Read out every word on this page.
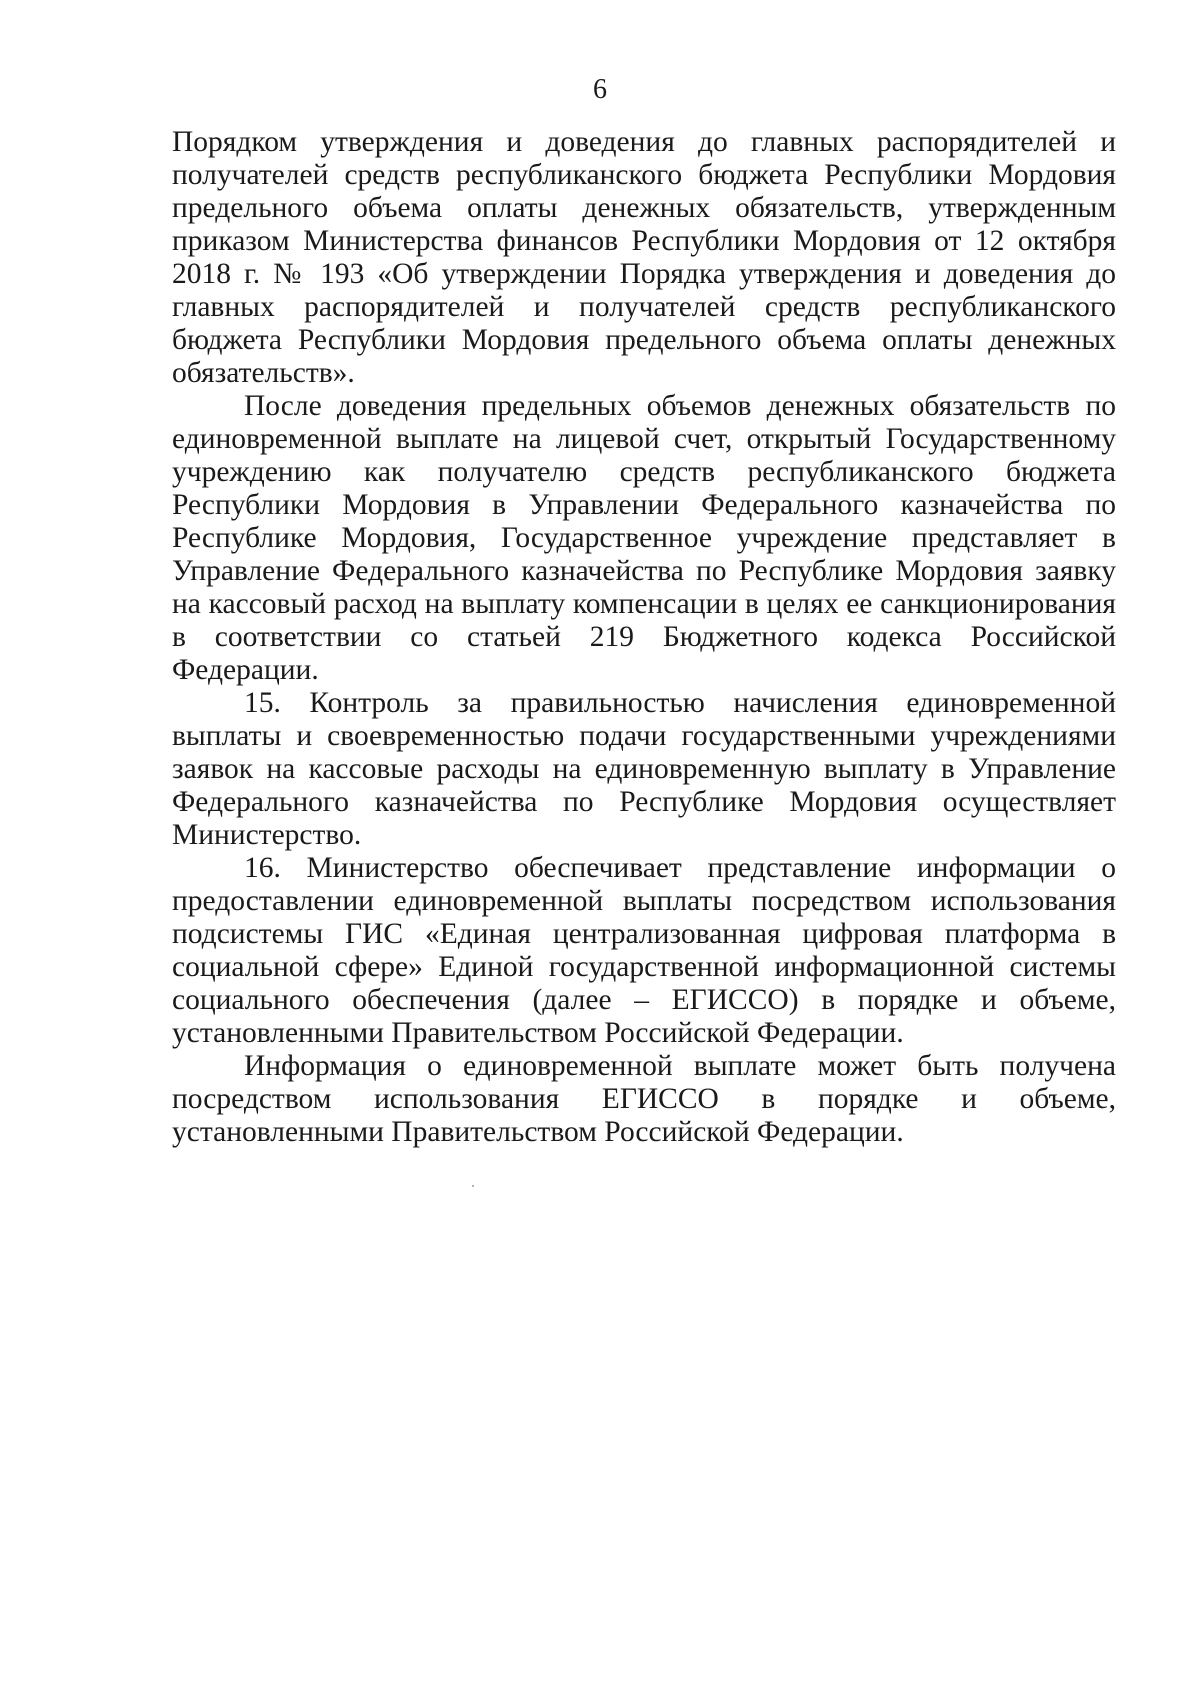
6

Порядком утверждения и доведения до главных распорядителей и получателей средств республиканского бюджета Республики Мордовия предельного объема оплаты денежных обязательств, утвержденным приказом Министерства финансов Республики Мордовия от 12 октября 2018 г. № 193 «Об утверждении Порядка утверждения и доведения до главных распорядителей и получателей средств республиканского бюджета Республики Мордовия предельного объема оплаты денежных обязательств».

После доведения предельных объемов денежных обязательств по единовременной выплате на лицевой счет, открытый Государственному учреждению как получателю средств республиканского бюджета Республики Мордовия в Управлении Федерального казначейства по Республике Мордовия, Государственное учреждение представляет в Управление Федерального казначейства по Республике Мордовия заявку на кассовый расход на выплату компенсации в целях ее санкционирования в соответствии со статьей 219 Бюджетного кодекса Российской Федерации.

15. Контроль за правильностью начисления единовременной выплаты и своевременностью подачи государственными учреждениями заявок на кассовые расходы на единовременную выплату в Управление Федерального казначейства по Республике Мордовия осуществляет Министерство.

16. Министерство обеспечивает представление информации о предоставлении единовременной выплаты посредством использования подсистемы ГИС «Единая централизованная цифровая платформа в социальной сфере» Единой государственной информационной системы социального обеспечения (далее – ЕГИССО) в порядке и объеме, установленными Правительством Российской Федерации.

Информация о единовременной выплате может быть получена посредством использования ЕГИССО в порядке и объеме, установленными Правительством Российской Федерации.
